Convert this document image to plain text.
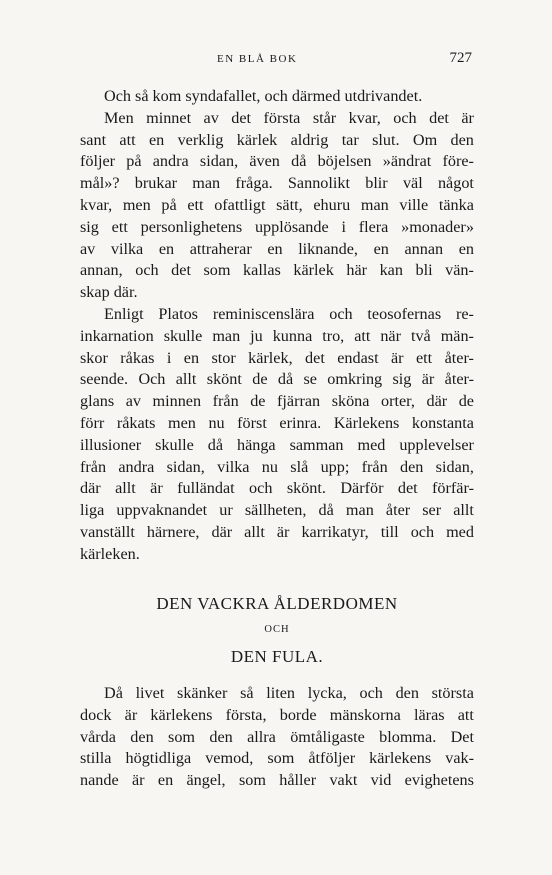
EN BLÅ BOK	727
Och så kom syndafallet, och därmed utdrivandet.
Men minnet av det första står kvar, och det är
sant att en verklig kärlek aldrig tar slut. Om den
följer på andra sidan, även då böjelsen »ändrat före-
mål»? brukar man fråga. Sannolikt blir väl något
kvar, men på ett ofattligt sätt, ehuru man ville tänka
sig ett personlighetens upplösande i flera »monader»
av vilka en attraherar en liknande, en annan en
annan, och det som kallas kärlek här kan bli vän-
skap där.
Enligt Platos reminiscenslära och teosofernas re-
inkarnation skulle man ju kunna tro, att när två män-
skor råkas i en stor kärlek, det endast är ett åter-
seende. Och allt skönt de då se omkring sig är åter-
glans av minnen från de fjärran sköna orter, där de
förr råkats men nu först erinra. Kärlekens konstanta
illusioner skulle då hänga samman med upplevelser
från andra sidan, vilka nu slå upp; från den sidan,
där allt är fulländat och skönt. Därför det förfär-
liga uppvaknandet ur sällheten, då man åter ser allt
vanställt härnere, där allt är karrikatyr, till och med
kärleken.
DEN VACKRA ÅLDERDOMEN
OCH
DEN FULA.
Då livet skänker så liten lycka, och den största
dock är kärlekens första, borde mänskorna läras att
vårda den som den allra ömtåligaste blomma. Det
stilla högtidliga vemod, som åtföljer kärlekens vak-
nande är en ängel, som håller vakt vid evighetens
